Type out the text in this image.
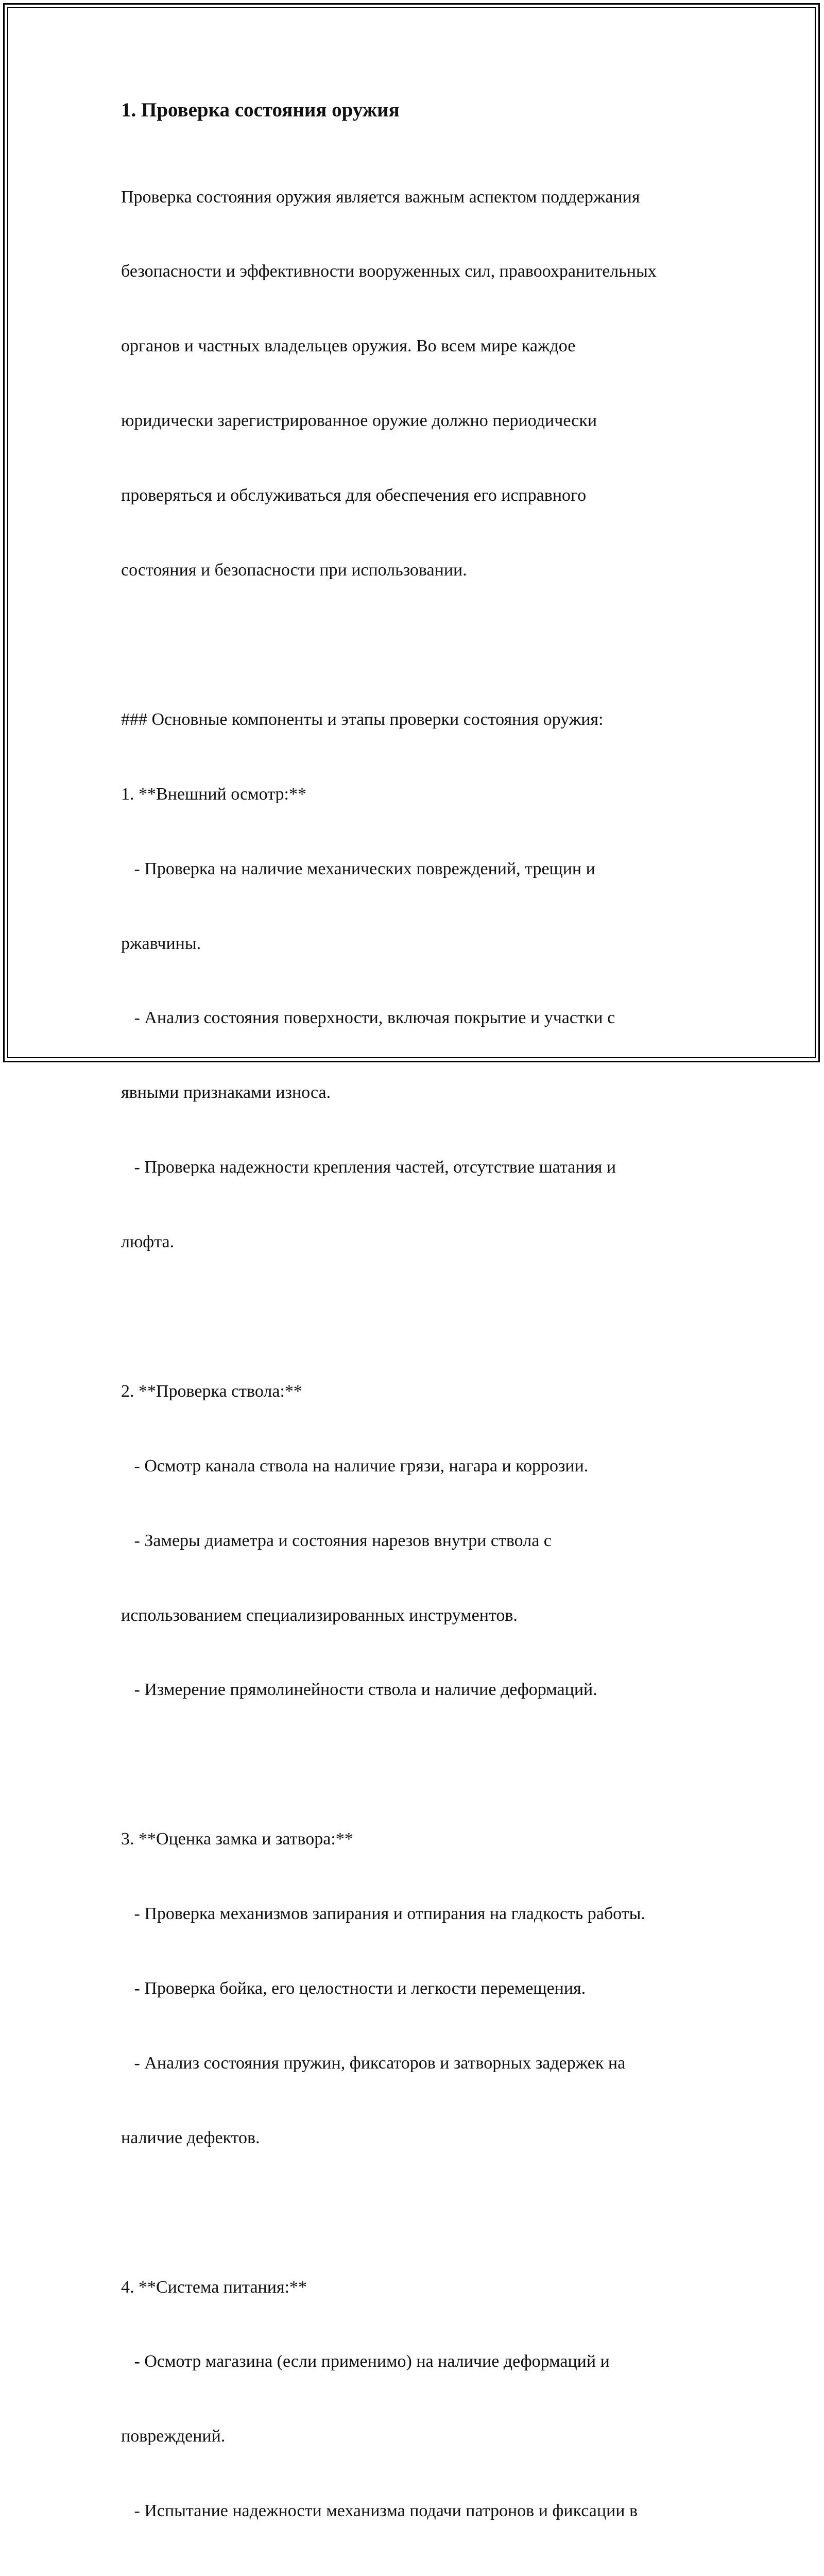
1. Проверка состояния оружия

Проверка состояния оружия является важным аспектом поддержания

безопасности и эффективности вооруженных сил, правоохранительных

органов и частных владельцев оружия. Во всем мире каждое

юридически зарегистрированное оружие должно периодически

проверяться и обслуживаться для обеспечения его исправного

состояния и безопасности при использовании.

### Основные компоненты и этапы проверки состояния оружия:

1. **Внешний осмотр:**

- Проверка на наличие механических повреждений, трещин и

ржавчины.

- Анализ состояния поверхности, включая покрытие и участки с

явными признаками износа.

- Проверка надежности крепления частей, отсутствие шатания и

люфта.

2. **Проверка ствола:**

- Осмотр канала ствола на наличие грязи, нагара и коррозии.

- Замеры диаметра и состояния нарезов внутри ствола с

использованием специализированных инструментов.

- Измерение прямолинейности ствола и наличие деформаций.

3. **Оценка замка и затвора:**

- Проверка механизмов запирания и отпирания на гладкость работы.

- Проверка бойка, его целостности и легкости перемещения.

- Анализ состояния пружин, фиксаторов и затворных задержек на

наличие дефектов.

4. **Система питания:**

- Осмотр магазина (если применимо) на наличие деформаций и

повреждений.

- Испытание надежности механизма подачи патронов и фиксации в
